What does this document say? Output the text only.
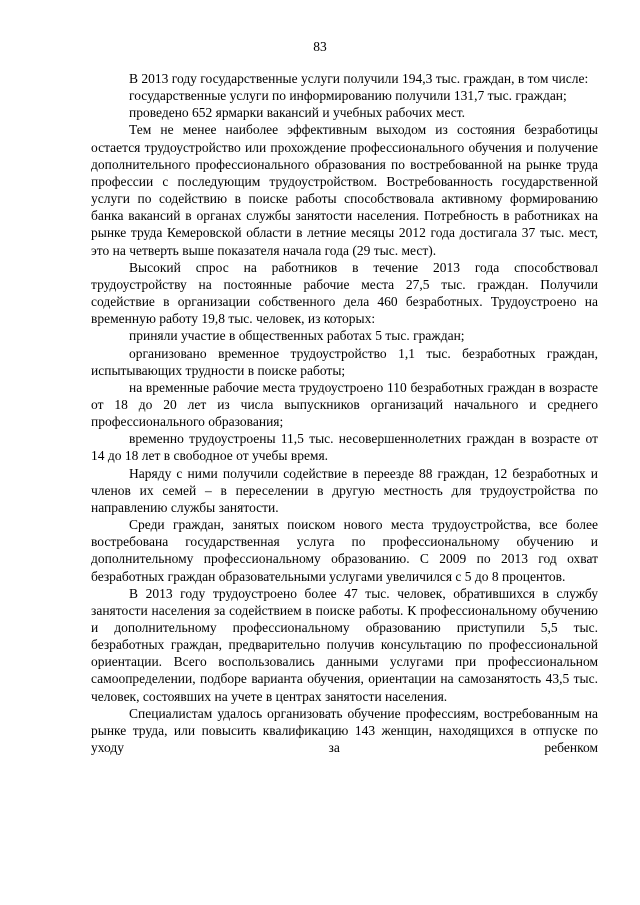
83

В 2013 году государственные услуги получили 194,3 тыс. граждан, в том числе:

государственные услуги по информированию получили 131,7 тыс. граждан;

проведено 652 ярмарки вакансий и учебных рабочих мест.

Тем не менее наиболее эффективным выходом из состояния безработицы остается трудоустройство или прохождение профессионального обучения и получение дополнительного профессионального образования по востребованной на рынке труда профессии с последующим трудоустройством. Востребованность государственной услуги по содействию в поиске работы способствовала активному формированию банка вакансий в органах службы занятости населения. Потребность в работниках на рынке труда Кемеровской области в летние месяцы 2012 года достигала 37 тыс. мест, это на четверть выше показателя начала года (29 тыс. мест).

Высокий спрос на работников в течение 2013 года способствовал трудоустройству на постоянные рабочие места 27,5 тыс. граждан. Получили содействие в организации собственного дела 460 безработных. Трудоустроено на временную работу 19,8 тыс. человек, из которых:

приняли участие в общественных работах 5 тыс. граждан;

организовано временное трудоустройство 1,1 тыс. безработных граждан, испытывающих трудности в поиске работы;

на временные рабочие места трудоустроено 110 безработных граждан в возрасте от 18 до 20 лет из числа выпускников организаций начального и среднего профессионального образования;

временно трудоустроены 11,5 тыс. несовершеннолетних граждан в возрасте от 14 до 18 лет в свободное от учебы время.

Наряду с ними получили содействие в переезде 88 граждан, 12 безработных и членов их семей – в переселении в другую местность для трудоустройства по направлению службы занятости.

Среди граждан, занятых поиском нового места трудоустройства, все более востребована государственная услуга по профессиональному обучению и дополнительному профессиональному образованию. С 2009 по 2013 год охват безработных граждан образовательными услугами увеличился с 5 до 8 процентов.

В 2013 году трудоустроено более 47 тыс. человек, обратившихся в службу занятости населения за содействием в поиске работы. К профессиональному обучению и дополнительному профессиональному образованию приступили 5,5 тыс. безработных граждан, предварительно получив консультацию по профессиональной ориентации. Всего воспользовались данными услугами при профессиональном самоопределении, подборе варианта обучения, ориентации на самозанятость 43,5 тыс. человек, состоявших на учете в центрах занятости населения.

Специалистам удалось организовать обучение профессиям, востребованным на рынке труда, или повысить квалификацию 143 женщин, находящихся в отпуске по уходу за ребенком
